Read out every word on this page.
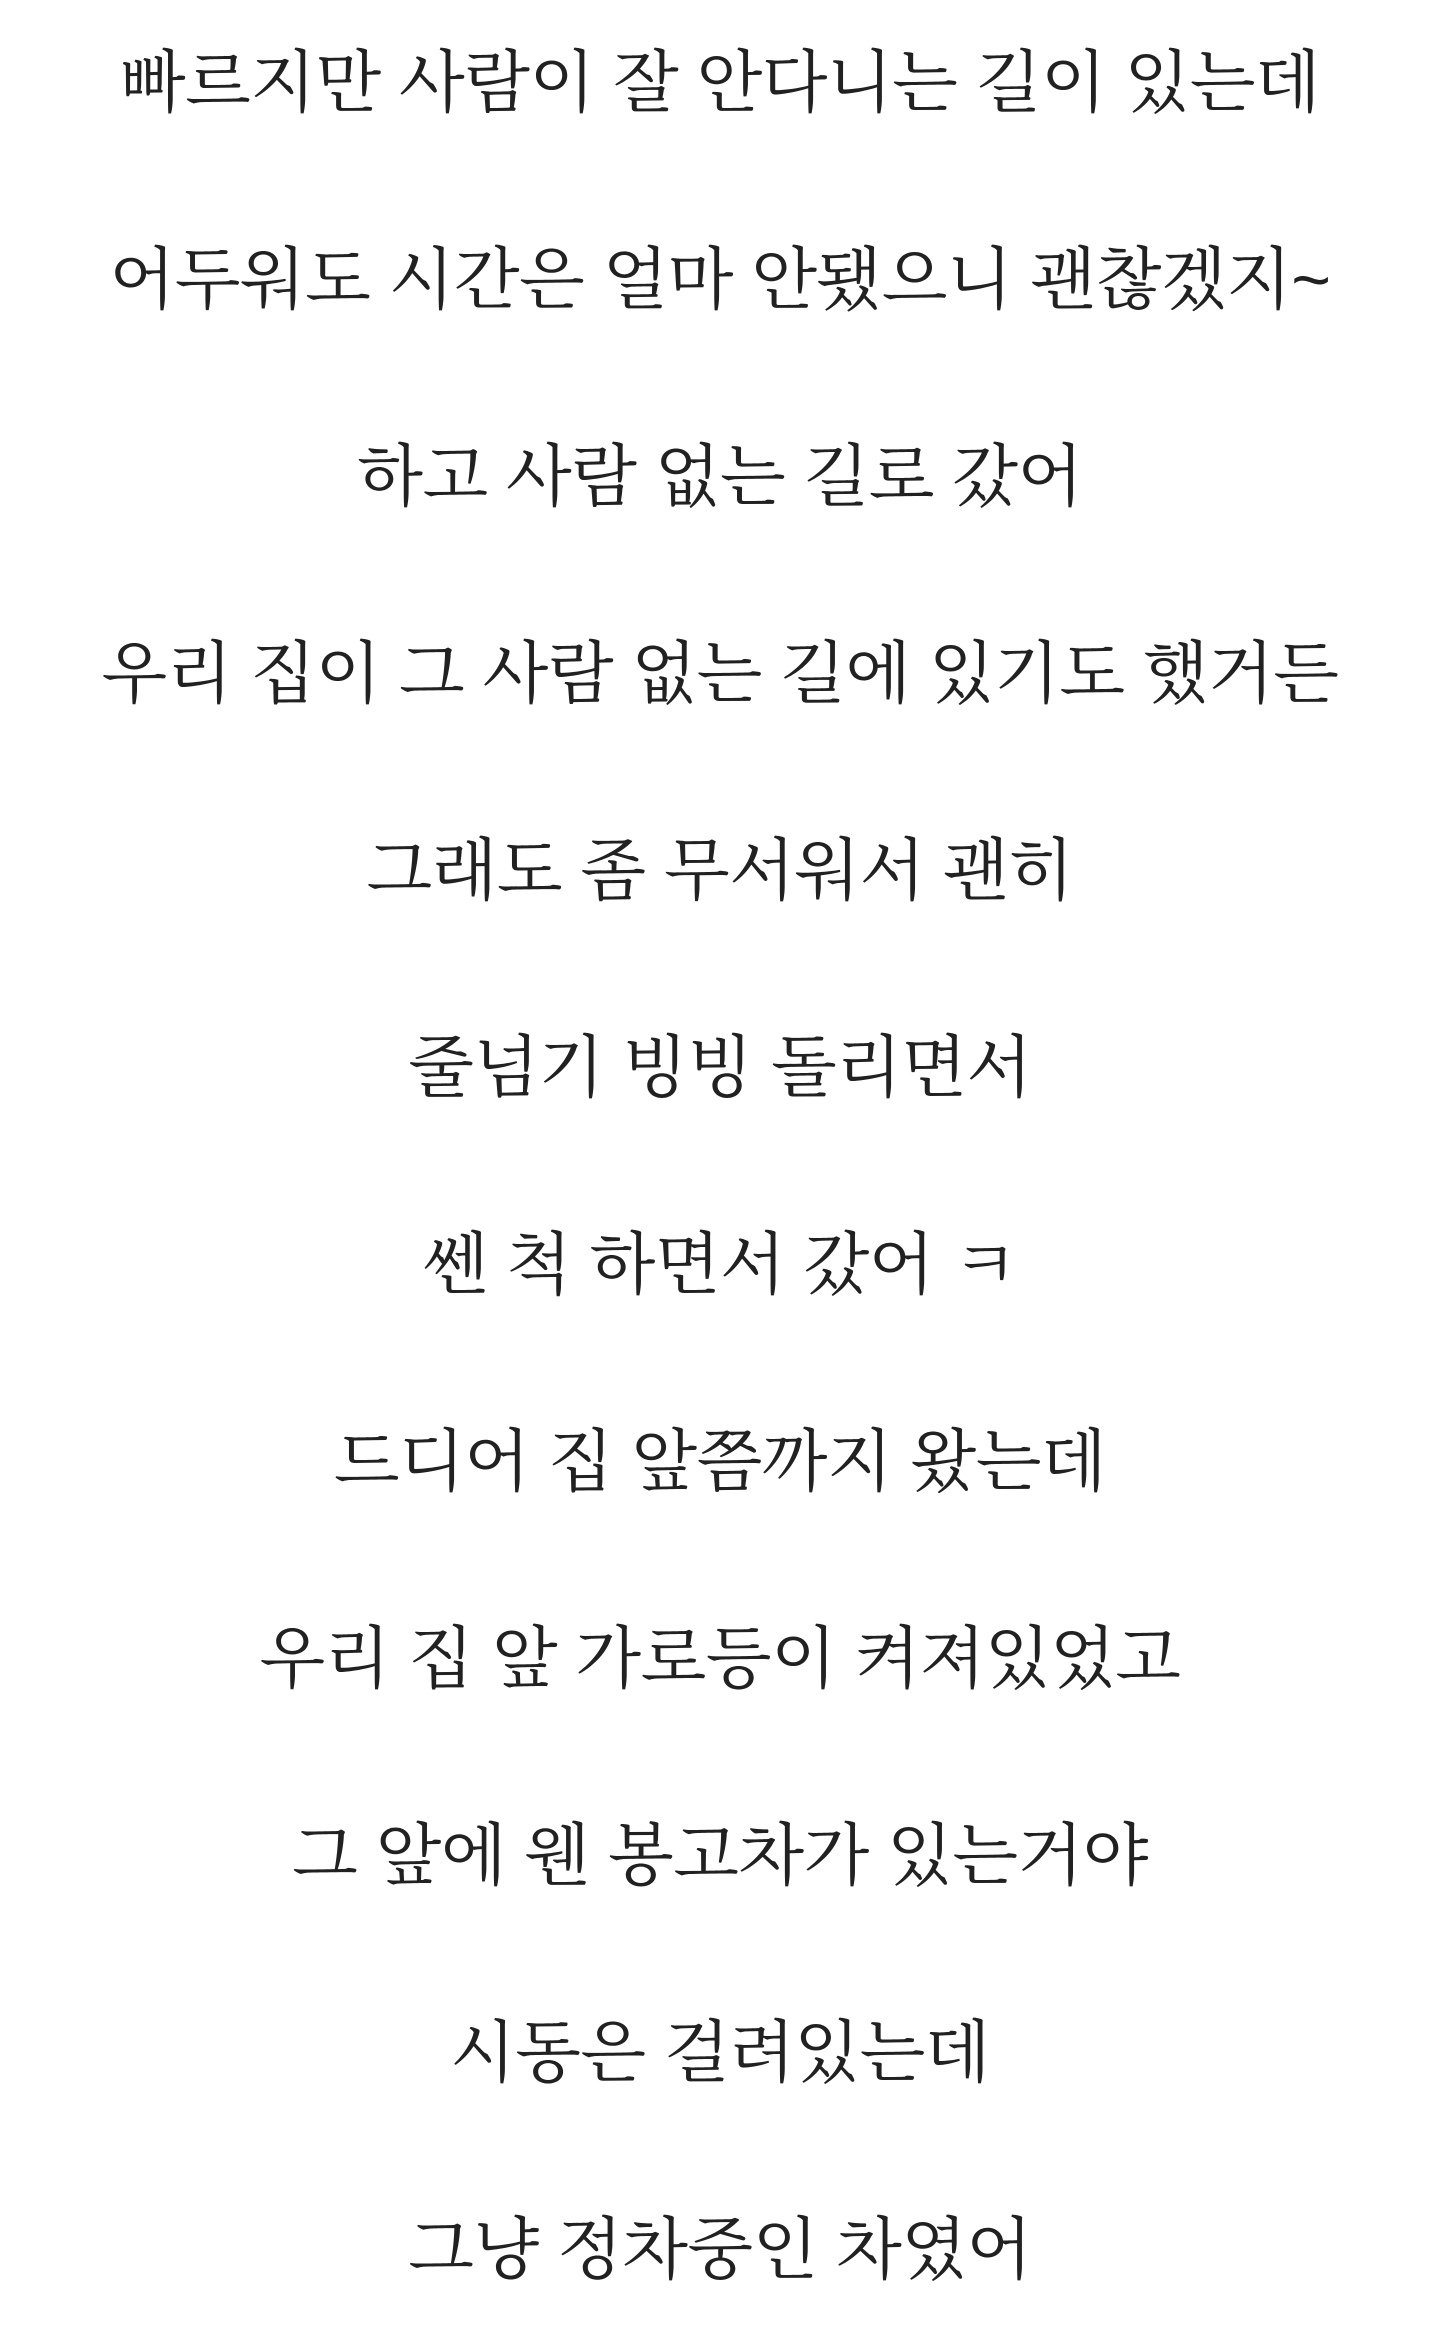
빠르지만 사람이 잘 안다니는 길이 있는데

어두워도 시간은 얼마 안됐으니 괜찮겠지~

하고 사람 없는 길로 갔어

우리 집이 그 사람 없는 길에 있기도 했거든

그래도 좀 무서워서 괜히

줄넘기 빙빙 돌리면서

쎈 척 하면서 갔어 ㅋ

드디어 집 앞쯤까지 왔는데

우리 집 앞 가로등이 켜져있었고

그 앞에 웬 봉고차가 있는거야

시동은 걸려있는데

그냥 정차중인 차였어
